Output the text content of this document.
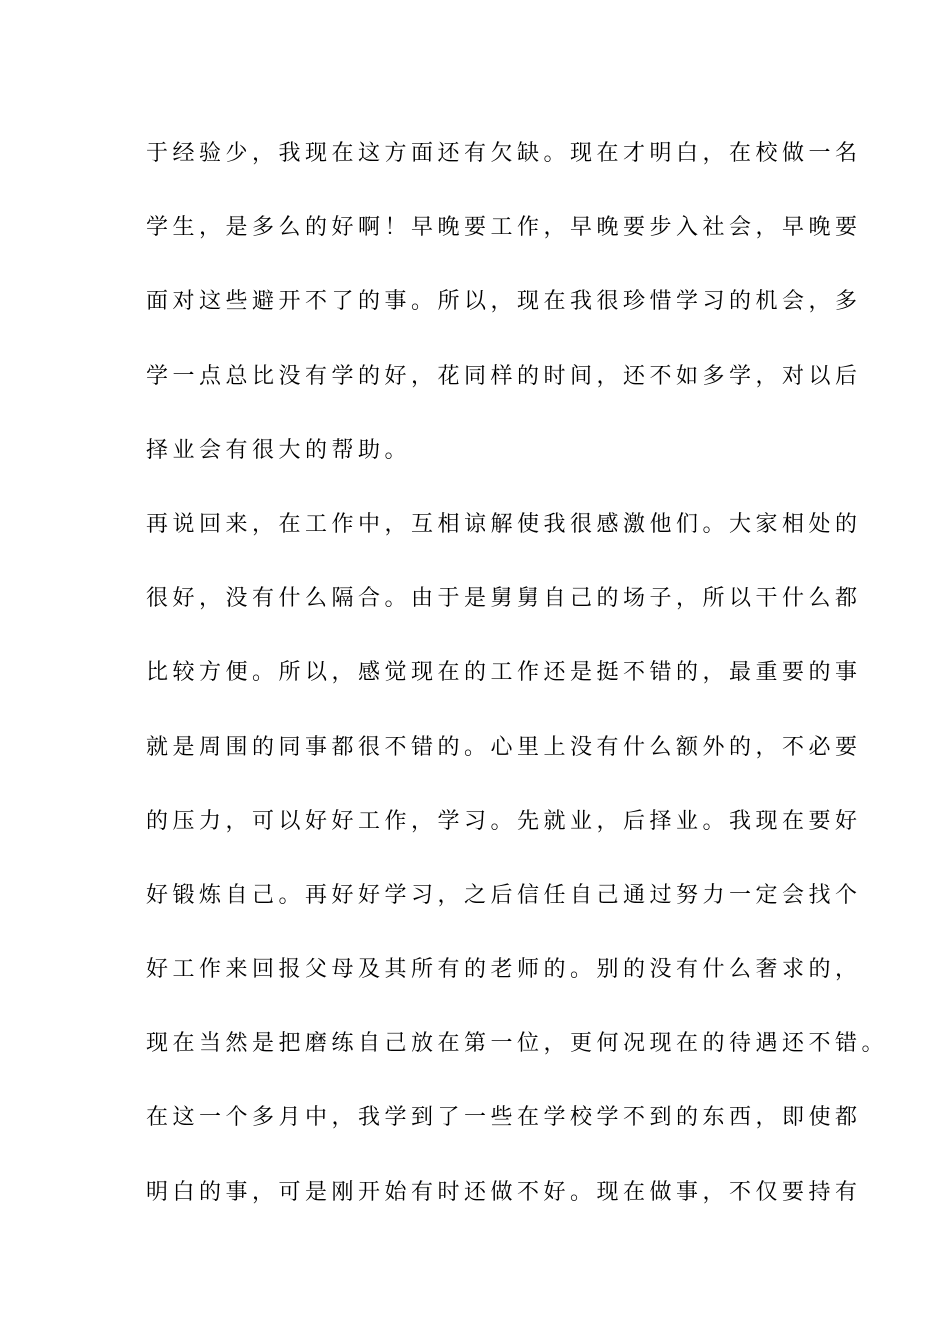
于经验少，我现在这方面还有欠缺。现在才明白，在校做一名
学生，是多么的好啊！早晚要工作，早晚要步入社会，早晚要
面对这些避开不了的事。所以，现在我很珍惜学习的机会，多
学一点总比没有学的好，花同样的时间，还不如多学，对以后
择业会有很大的帮助。
再说回来，在工作中，互相谅解使我很感激他们。大家相处的
很好，没有什么隔合。由于是舅舅自己的场子，所以干什么都
比较方便。所以，感觉现在的工作还是挺不错的，最重要的事
就是周围的同事都很不错的。心里上没有什么额外的，不必要
的压力，可以好好工作，学习。先就业，后择业。我现在要好
好锻炼自己。再好好学习，之后信任自己通过努力一定会找个
好工作来回报父母及其所有的老师的。别的没有什么奢求的，
现在当然是把磨练自己放在第一位，更何况现在的待遇还不错。
在这一个多月中，我学到了一些在学校学不到的东西，即使都
明白的事，可是刚开始有时还做不好。现在做事，不仅要持有
